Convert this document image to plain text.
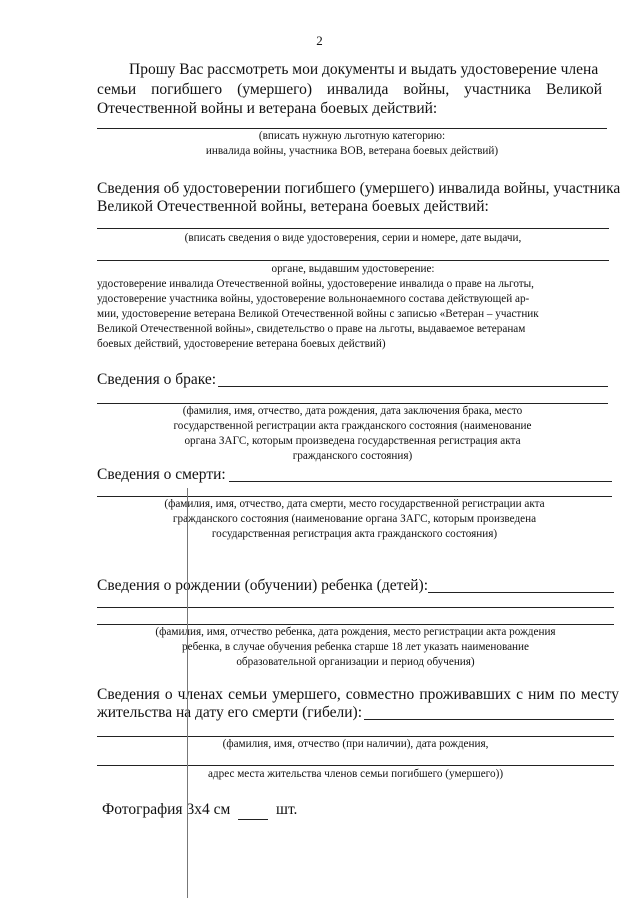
2
Прошу Вас рассмотреть мои документы и выдать удостоверение члена
семьи погибшего (умершего) инвалида войны, участника Великой
Отечественной войны и ветерана боевых действий:
(вписать нужную льготную категорию:
инвалида войны, участника ВОВ, ветерана боевых действий)
Сведения об удостоверении погибшего (умершего) инвалида войны, участника
Великой Отечественной войны, ветерана боевых действий:
(вписать сведения о виде удостоверения, серии и номере, дате выдачи,
органе, выдавшим удостоверение:
удостоверение инвалида Отечественной войны, удостоверение инвалида о праве на льготы,
удостоверение участника войны, удостоверение вольнонаемного состава действующей ар-
мии, удостоверение ветерана Великой Отечественной войны с записью «Ветеран – участник
Великой Отечественной войны», свидетельство о праве на льготы, выдаваемое ветеранам
боевых действий, удостоверение ветерана боевых действий)
Сведения о браке:
(фамилия, имя, отчество, дата рождения, дата заключения брака, место
государственной регистрации акта гражданского состояния (наименование
органа ЗАГС, которым произведена государственная регистрация акта
гражданского состояния)
Сведения о смерти:
(фамилия, имя, отчество, дата смерти, место государственной регистрации акта
гражданского состояния (наименование органа ЗАГС, которым произведена
государственная регистрация акта гражданского состояния)
Сведения о рождении (обучении) ребенка (детей):
(фамилия, имя, отчество ребенка, дата рождения, место регистрации акта рождения
ребенка, в случае обучения ребенка старше 18 лет указать наименование
образовательной организации и период обучения)
Сведения о членах семьи умершего, совместно проживавших с ним по месту
жительства на дату его смерти (гибели):
(фамилия, имя, отчество (при наличии), дата рождения,
адрес места жительства членов семьи погибшего (умершего))
Фотография 3х4 см	шт.
